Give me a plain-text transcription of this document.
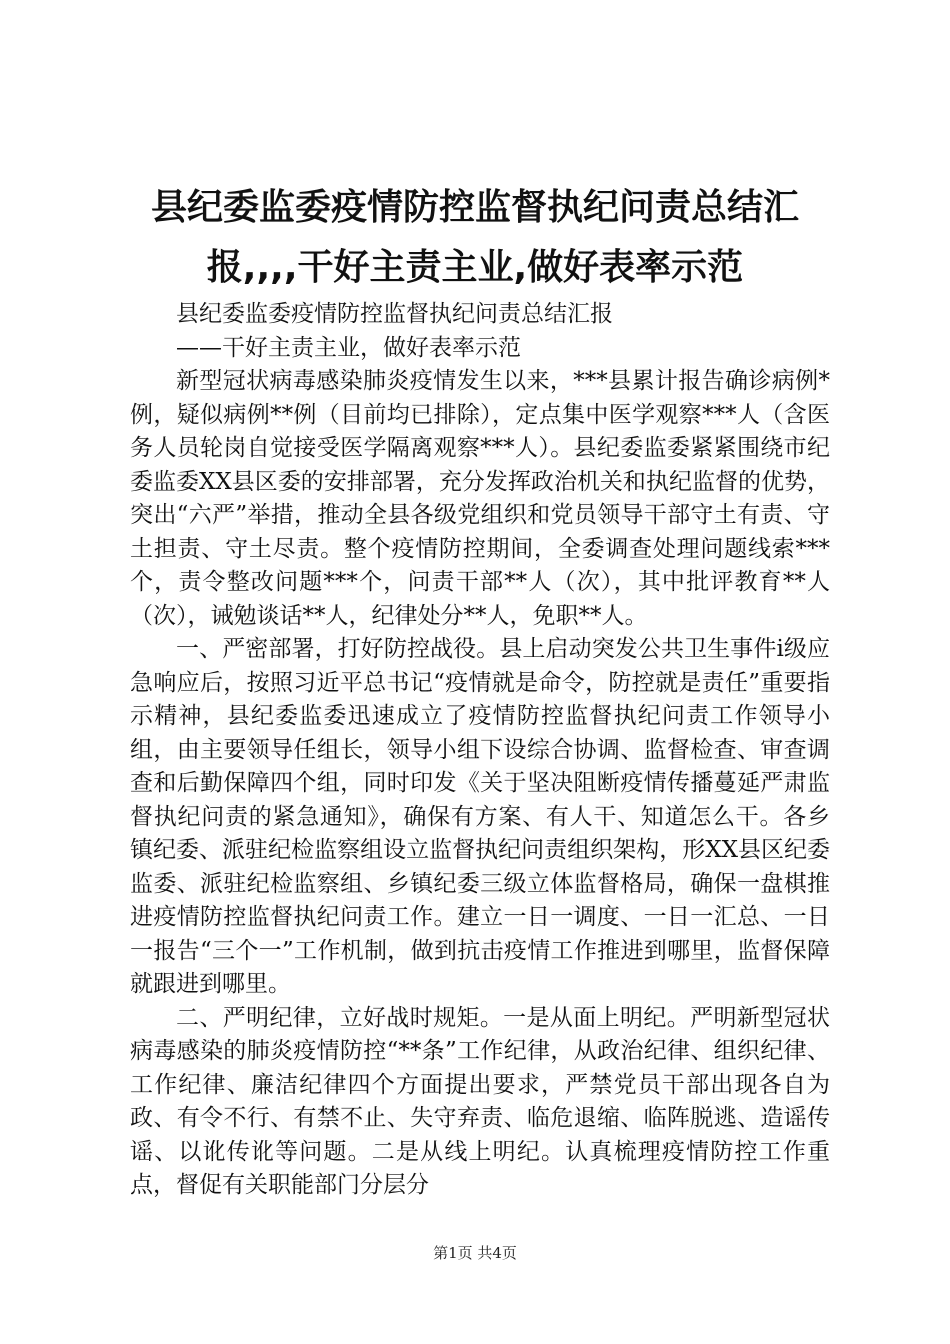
县纪委监委疫情防控监督执纪问责总结汇
报,,,,干好主责主业,做好表率示范

县纪委监委疫情防控监督执纪问责总结汇报

——干好主责主业，做好表率示范

新型冠状病毒感染肺炎疫情发生以来，***县累计报告确诊病例*例，疑似病例**例（目前均已排除），定点集中医学观察***人（含医务人员轮岗自觉接受医学隔离观察***人）。县纪委监委紧紧围绕市纪委监委XX县区委的安排部署，充分发挥政治机关和执纪监督的优势，突出“六严”举措，推动全县各级党组织和党员领导干部守土有责、守土担责、守土尽责。整个疫情防控期间，全委调查处理问题线索***个，责令整改问题***个，问责干部**人（次），其中批评教育**人（次），诫勉谈话**人，纪律处分**人，免职**人。

一、严密部署，打好防控战役。县上启动突发公共卫生事件ⅰ级应急响应后，按照习近平总书记“疫情就是命令，防控就是责任”重要指示精神，县纪委监委迅速成立了疫情防控监督执纪问责工作领导小组，由主要领导任组长，领导小组下设综合协调、监督检查、审查调查和后勤保障四个组，同时印发《关于坚决阻断疫情传播蔓延严肃监督执纪问责的紧急通知》，确保有方案、有人干、知道怎么干。各乡镇纪委、派驻纪检监察组设立监督执纪问责组织架构，形XX县区纪委监委、派驻纪检监察组、乡镇纪委三级立体监督格局，确保一盘棋推进疫情防控监督执纪问责工作。建立一日一调度、一日一汇总、一日一报告“三个一”工作机制，做到抗击疫情工作推进到哪里，监督保障就跟进到哪里。

二、严明纪律，立好战时规矩。一是从面上明纪。严明新型冠状病毒感染的肺炎疫情防控“**条”工作纪律，从政治纪律、组织纪律、工作纪律、廉洁纪律四个方面提出要求，严禁党员干部出现各自为政、有令不行、有禁不止、失守弃责、临危退缩、临阵脱逃、造谣传谣、以讹传讹等问题。二是从线上明纪。认真梳理疫情防控工作重点，督促有关职能部门分层分

第1页 共4页
